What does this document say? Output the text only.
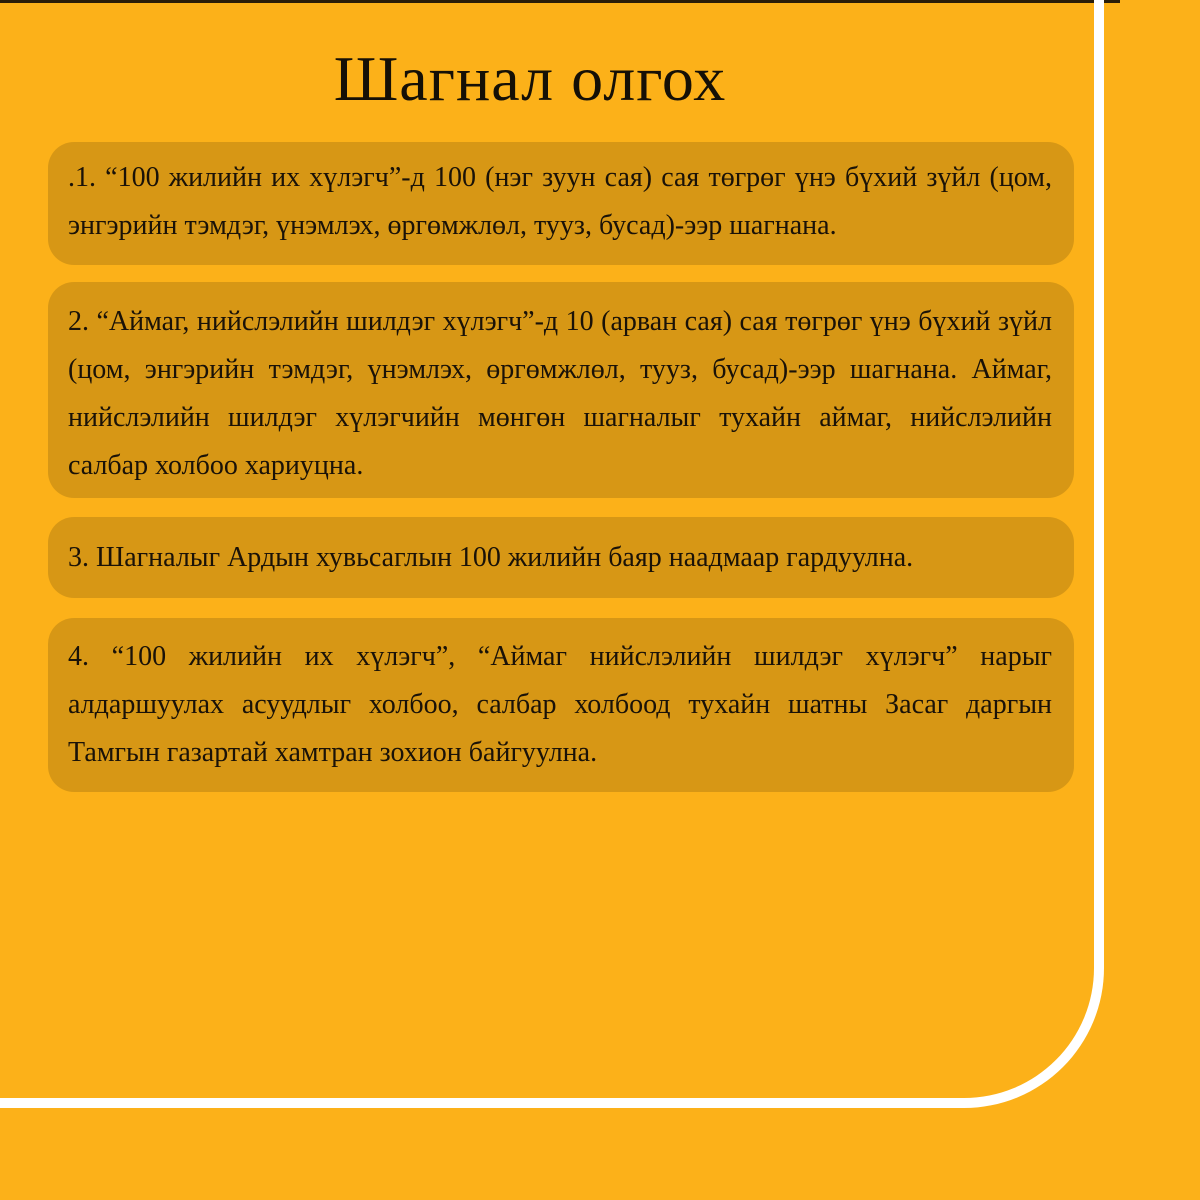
Шагнал олгох

.1. “100 жилийн их хүлэгч”-д 100 (нэг зуун сая) сая төгрөг үнэ бүхий зүйл (цом, энгэрийн тэмдэг, үнэмлэх, өргөмжлөл, тууз, бусад)-ээр шагнана.

2. “Аймаг, нийслэлийн шилдэг хүлэгч”-д 10 (арван сая) сая төгрөг үнэ бүхий зүйл (цом, энгэрийн тэмдэг, үнэмлэх, өргөмжлөл, тууз, бусад)-ээр шагнана. Аймаг, нийслэлийн шилдэг хүлэгчийн мөнгөн шагналыг тухайн аймаг, нийслэлийн салбар холбоо хариуцна.

3. Шагналыг Ардын хувьсаглын 100 жилийн баяр наадмаар гардуулна.

4. “100 жилийн их хүлэгч”, “Аймаг нийслэлийн шилдэг хүлэгч” нарыг алдаршуулах асуудлыг холбоо, салбар холбоод тухайн шатны Засаг даргын Тамгын газартай хамтран зохион байгуулна.
